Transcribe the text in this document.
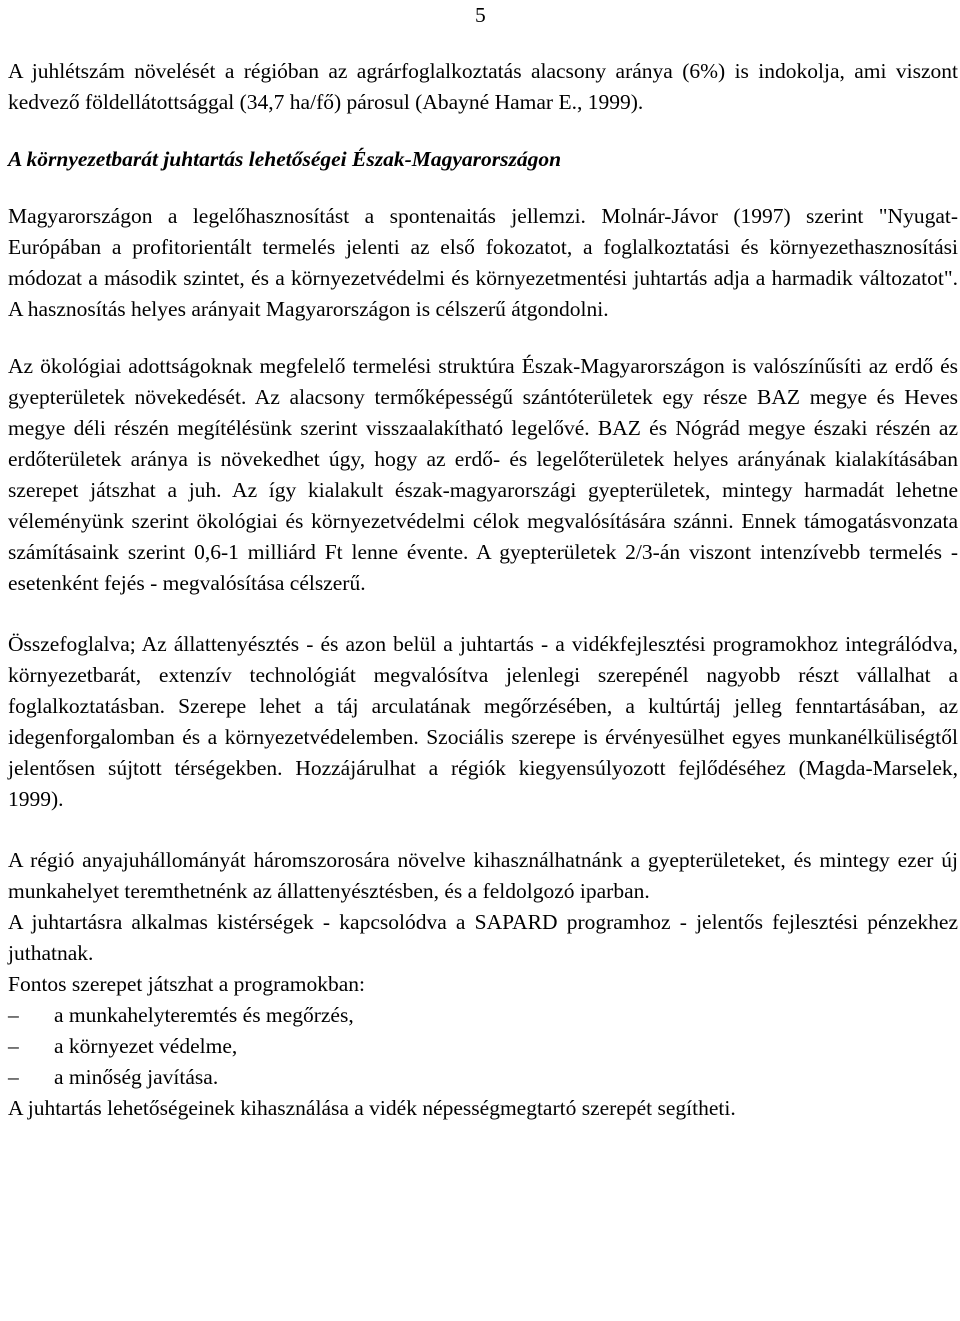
5

A juhlétszám növelését a régióban az agrárfoglalkoztatás alacsony aránya (6%) is indokolja, ami viszont kedvező földellátottsággal (34,7 ha/fő) párosul (Abayné Hamar E., 1999).

A környezetbarát juhtartás lehetőségei Észak-Magyarországon

Magyarországon a legelőhasznosítást a spontenaitás jellemzi. Molnár-Jávor (1997) szerint "Nyugat-Európában a profitorientált termelés jelenti az első fokozatot, a foglalkoztatási és környezethasznosítási módozat a második szintet, és a környezetvédelmi és környezetmentési juhtartás adja a harmadik változatot". A hasznosítás helyes arányait Magyarországon is célszerű átgondolni.

Az ökológiai adottságoknak megfelelő termelési struktúra Észak-Magyarországon is valószínűsíti az erdő és gyepterületek növekedését. Az alacsony termőképességű szántóterületek egy része BAZ megye és Heves megye déli részén megítélésünk szerint visszaalakítható legelővé. BAZ és Nógrád megye északi részén az erdőterületek aránya is növekedhet úgy, hogy az erdő- és legelőterületek helyes arányának kialakításában szerepet játszhat a juh. Az így kialakult észak-magyarországi gyepterületek, mintegy harmadát lehetne véleményünk szerint ökológiai és környezetvédelmi célok megvalósítására szánni. Ennek támogatásvonzata számításaink szerint 0,6-1 milliárd Ft lenne évente. A gyepterületek 2/3-án viszont intenzívebb termelés - esetenként fejés - megvalósítása célszerű.

Összefoglalva; Az állattenyésztés - és azon belül a juhtartás - a vidékfejlesztési programokhoz integrálódva, környezetbarát, extenzív technológiát megvalósítva jelenlegi szerepénél nagyobb részt vállalhat a foglalkoztatásban. Szerepe lehet a táj arculatának megőrzésében, a kultúrtáj jelleg fenntartásában, az idegenforgalomban és a környezetvédelemben. Szociális szerepe is érvényesülhet egyes munkanélküliségtől jelentősen sújtott térségekben. Hozzájárulhat a régiók kiegyensúlyozott fejlődéséhez (Magda-Marselek, 1999).

A régió anyajuhállományát háromszorosára növelve kihasználhatnánk a gyepterületeket, és mintegy ezer új munkahelyet teremthetnénk az állattenyésztésben, és a feldolgozó iparban.

A juhtartásra alkalmas kistérségek - kapcsolódva a SAPARD programhoz - jelentős fejlesztési pénzekhez juthatnak.

Fontos szerepet játszhat a programokban:

– a munkahelyteremtés és megőrzés,
– a környezet védelme,
– a minőség javítása.

A juhtartás lehetőségeinek kihasználása a vidék népességmegtartó szerepét segítheti.
